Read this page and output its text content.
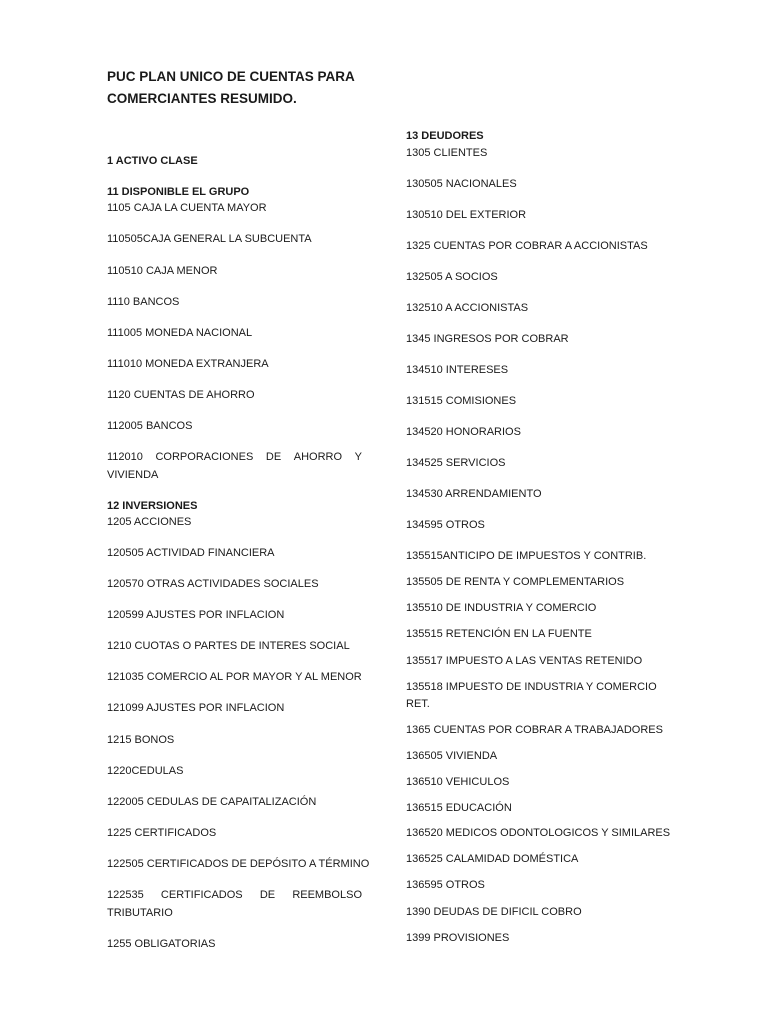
PUC PLAN UNICO DE CUENTAS PARA
COMERCIANTES RESUMIDO.
1 ACTIVO CLASE
11 DISPONIBLE EL GRUPO
1105 CAJA LA CUENTA MAYOR
110505CAJA GENERAL LA SUBCUENTA
110510 CAJA MENOR
1110 BANCOS
111005 MONEDA NACIONAL
111010 MONEDA EXTRANJERA
1120 CUENTAS DE AHORRO
112005 BANCOS
112010 CORPORACIONES DE AHORRO Y
VIVIENDA
12 INVERSIONES
1205 ACCIONES
120505 ACTIVIDAD FINANCIERA
120570 OTRAS ACTIVIDADES SOCIALES
120599 AJUSTES POR INFLACION
1210 CUOTAS O PARTES DE INTERES SOCIAL
121035 COMERCIO AL POR MAYOR Y AL MENOR
121099 AJUSTES POR INFLACION
1215 BONOS
1220CEDULAS
122005 CEDULAS DE CAPAITALIZACIÓN
1225 CERTIFICADOS
122505 CERTIFICADOS DE DEPÓSITO A TÉRMINO
122535 CERTIFICADOS DE REEMBOLSO
TRIBUTARIO
1255 OBLIGATORIAS
13 DEUDORES
1305 CLIENTES
130505 NACIONALES
130510 DEL EXTERIOR
1325 CUENTAS POR COBRAR A ACCIONISTAS
132505 A SOCIOS
132510 A ACCIONISTAS
1345 INGRESOS POR COBRAR
134510 INTERESES
131515 COMISIONES
134520 HONORARIOS
134525 SERVICIOS
134530 ARRENDAMIENTO
134595 OTROS
135515ANTICIPO DE IMPUESTOS Y CONTRIB.
135505 DE RENTA Y COMPLEMENTARIOS
135510 DE INDUSTRIA Y COMERCIO
135515 RETENCIÓN EN LA FUENTE
135517 IMPUESTO A LAS VENTAS RETENIDO
135518 IMPUESTO DE INDUSTRIA Y COMERCIO
RET.
1365 CUENTAS POR COBRAR A TRABAJADORES
136505 VIVIENDA
136510 VEHICULOS
136515 EDUCACIÓN
136520 MEDICOS ODONTOLOGICOS Y SIMILARES
136525 CALAMIDAD DOMÉSTICA
136595 OTROS
1390 DEUDAS DE DIFICIL COBRO
1399 PROVISIONES
